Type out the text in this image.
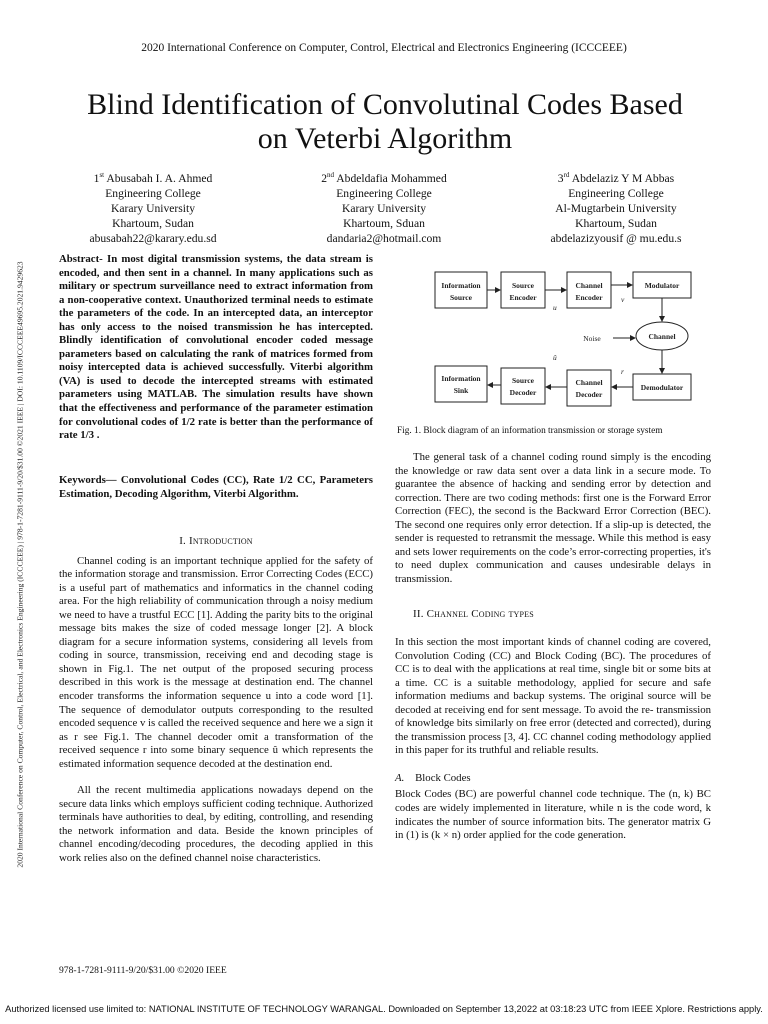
2020 International Conference on Computer, Control, Electrical and Electronics Engineering (ICCCEEE)
2020 International Conference on Computer, Control, Electrical, and Electronics Engineering (ICCCEEE) | 978-1-7281-9111-9/20/$31.00 ©2021 IEEE | DOI: 10.1109/ICCCEEE49695.2021.9429623
Blind Identification of Convolutinal Codes Based
on Veterbi Algorithm
1st Abusabah I. A. Ahmed
Engineering College
Karary University
Khartoum, Sudan
abusabah22@karary.edu.sd
2nd Abdeldafia Mohammed
Engineering College
Karary University
Khartoum, Sduan
dandaria2@hotmail.com
3rd Abdelaziz Y M Abbas
Engineering College
Al-Mugtarbein University
Khartoum, Sudan
abdelazizyousif @ mu.edu.s
Abstract- In most digital transmission systems, the data stream is encoded, and then sent in a channel. In many applications such as military or spectrum surveillance need to extract information from a non-cooperative context. Unauthorized terminal needs to estimate the parameters of the code. In an intercepted data, an interceptor has only access to the noised transmission he has intercepted. Blindly identification of convolutional encoder coded message parameters based on calculating the rank of matrices formed from noisy intercepted data is achieved successfully. Viterbi algorithm (VA) is used to decode the intercepted streams with estimated parameters using MATLAB. The simulation results have shown that the effectiveness and performance of the parameter estimation for convolutional codes of 1/2 rate is better than the performance of rate 1/3 .
Keywords— Convolutional Codes (CC), Rate 1/2 CC, Parameters Estimation, Decoding Algorithm, Viterbi Algorithm.
I. Introduction

Channel coding is an important technique applied for the safety of the information storage and transmission. Error Correcting Codes (ECC) is a useful part of mathematics and informatics in the channel coding area. For the high reliability of communication through a noisy medium we need to have a trustful ECC [1]. Adding the parity bits to the original message bits makes the size of coded message longer [2]. A block diagram for a secure information systems, considering all levels from coding in source, transmission, receiving end and decoding stage is shown in Fig.1. The net output of the proposed securing process described in this work is the message at destination end. The channel encoder transforms the information sequence u into a code word [1]. The sequence of demodulator outputs corresponding to the resulted encoded sequence v is called the received sequence and here we a sign it as r see Fig.1. The channel decoder omit a transformation of the received sequence r into some binary sequence û which represents the estimated information sequence decoded at the destination end.

All the recent multimedia applications nowadays depend on the secure data links which employs sufficient coding technique. Authorized terminals have authorities to deal, by editing, controlling, and resending the network information and data. Beside the known principles of channel encoding/decoding procedures, the decoding applied in this work relies also on the defined channel noise characteristics.

Information
Source
Source
Encoder
Channel
Encoder
Modulator
Channel
Demodulator
Channel
Decoder
Source
Decoder
Information
Sink
u
v
Noise
r
û
Fig. 1. Block diagram of an information transmission or storage system

The general task of a channel coding round simply is the encoding the knowledge or raw data sent over a data link in a secure mode. To guarantee the absence of hacking and sending error by detection and correction. There are two coding methods: first one is the Forward Error Correction (FEC), the second is the Backward Error Correction (BEC). The second one requires only error detection. If a slip-up is detected, the sender is requested to retransmit the message. While this method is easy and sets lower requirements on the code’s error-correcting properties, it's to need duplex communication and causes undesirable delays in transmission.

II. Channel Coding types

In this section the most important kinds of channel coding are covered, Convolution Coding (CC) and Block Coding (BC). The procedures of CC is to deal with the applications at real time, single bit or some bits at a time. CC is a suitable methodology, applied for secure and safe information mediums and backup systems. The original source will be decoded at receiving end for sent message. To avoid the re- transmission of knowledge bits similarly on free error (detected and corrected), during the transmission process [3, 4]. CC channel coding methodology applied in this paper for its truthful and reliable results.

A. Block Codes

Block Codes (BC) are powerful channel code technique. The (n, k) BC codes are widely implemented in literature, while n is the code word, k indicates the number of source information bits. The generator matrix G in (1) is (k × n) order applied for the code generation.

978-1-7281-9111-9/20/$31.00 ©2020 IEEE
Authorized licensed use limited to: NATIONAL INSTITUTE OF TECHNOLOGY WARANGAL. Downloaded on September 13,2022 at 03:18:23 UTC from IEEE Xplore. Restrictions apply.
